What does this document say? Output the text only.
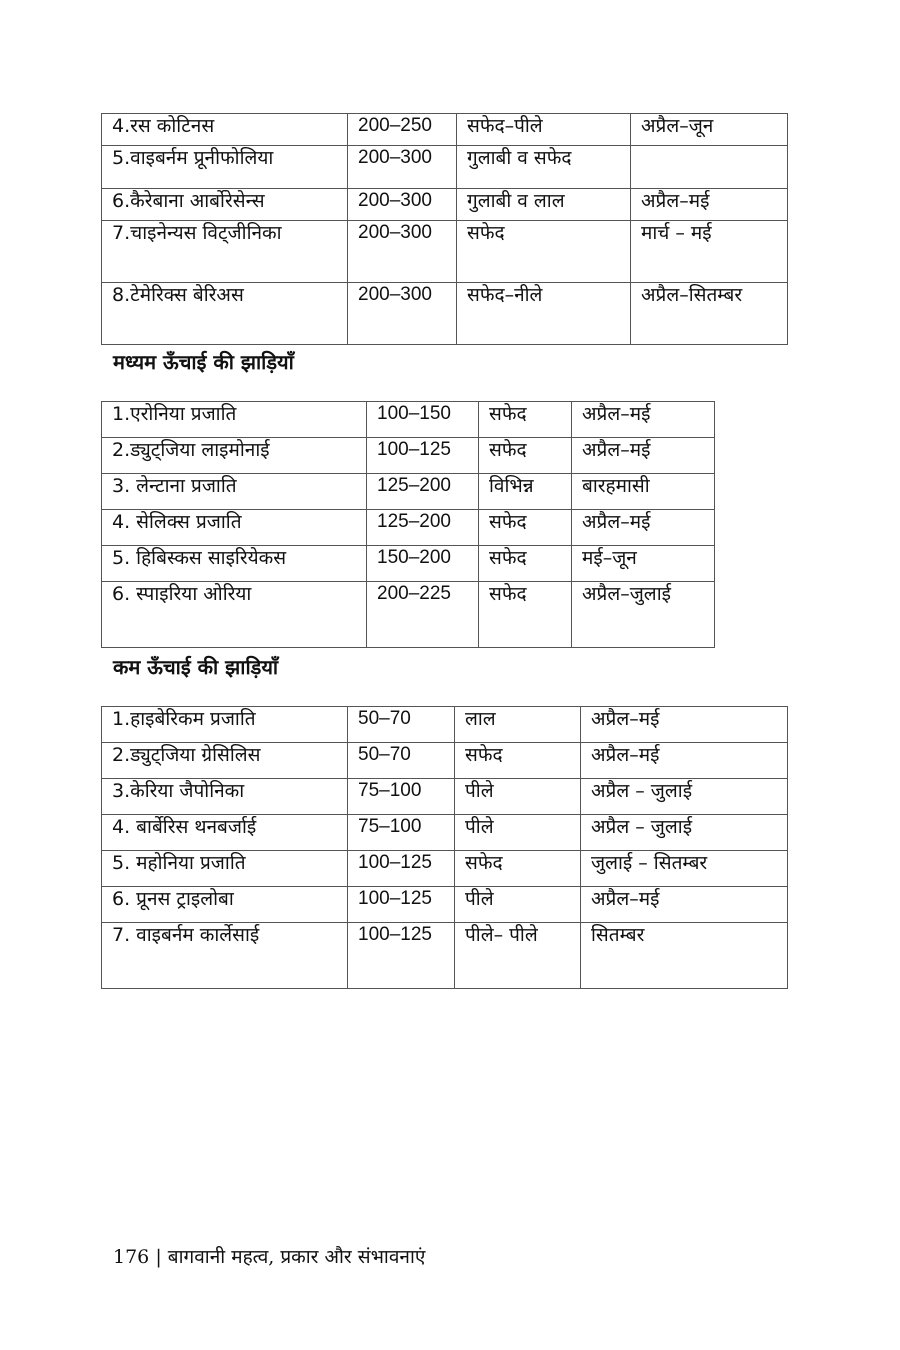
4.रस कोटिनस	200–250	सफेद–पीले	अप्रैल–जून
5.वाइबर्नम प्रूनीफोलिया	200–300	गुलाबी व सफेद	
6.कैरेबाना आर्बोरेसेन्स	200–300	गुलाबी व लाल	अप्रैल–मई
7.चाइनेन्यस विट्जीनिका	200–300	सफेद	मार्च – मई
8.टेमेरिक्स बेरिअस	200–300	सफेद–नीले	अप्रैल–सितम्बर
मध्यम ऊँचाई की झाड़ियाँ
1.एरोनिया प्रजाति	100–150	सफेद	अप्रैल–मई
2.ड्युट्जिया लाइमोनाई	100–125	सफेद	अप्रैल–मई
3. लेन्टाना प्रजाति	125–200	विभिन्न	बारहमासी
4. सेलिक्स प्रजाति	125–200	सफेद	अप्रैल–मई
5. हिबिस्कस साइरियेकस	150–200	सफेद	मई–जून
6. स्पाइरिया ओरिया	200–225	सफेद	अप्रैल–जुलाई
कम ऊँचाई की झाड़ियाँ
1.हाइबेरिकम प्रजाति	50–70	लाल	अप्रैल–मई
2.ड्युट्जिया ग्रेसिलिस	50–70	सफेद	अप्रैल–मई
3.केरिया जैपोनिका	75–100	पीले	अप्रैल – जुलाई
4. बार्बेरिस थनबर्जाई	75–100	पीले	अप्रैल – जुलाई
5. महोनिया प्रजाति	100–125	सफेद	जुलाई – सितम्बर
6. प्रूनस ट्राइलोबा	100–125	पीले	अप्रैल–मई
7. वाइबर्नम कार्लेसाई	100–125	पीले– पीले	सितम्बर
176 | बागवानी महत्व, प्रकार और संभावनाएं
